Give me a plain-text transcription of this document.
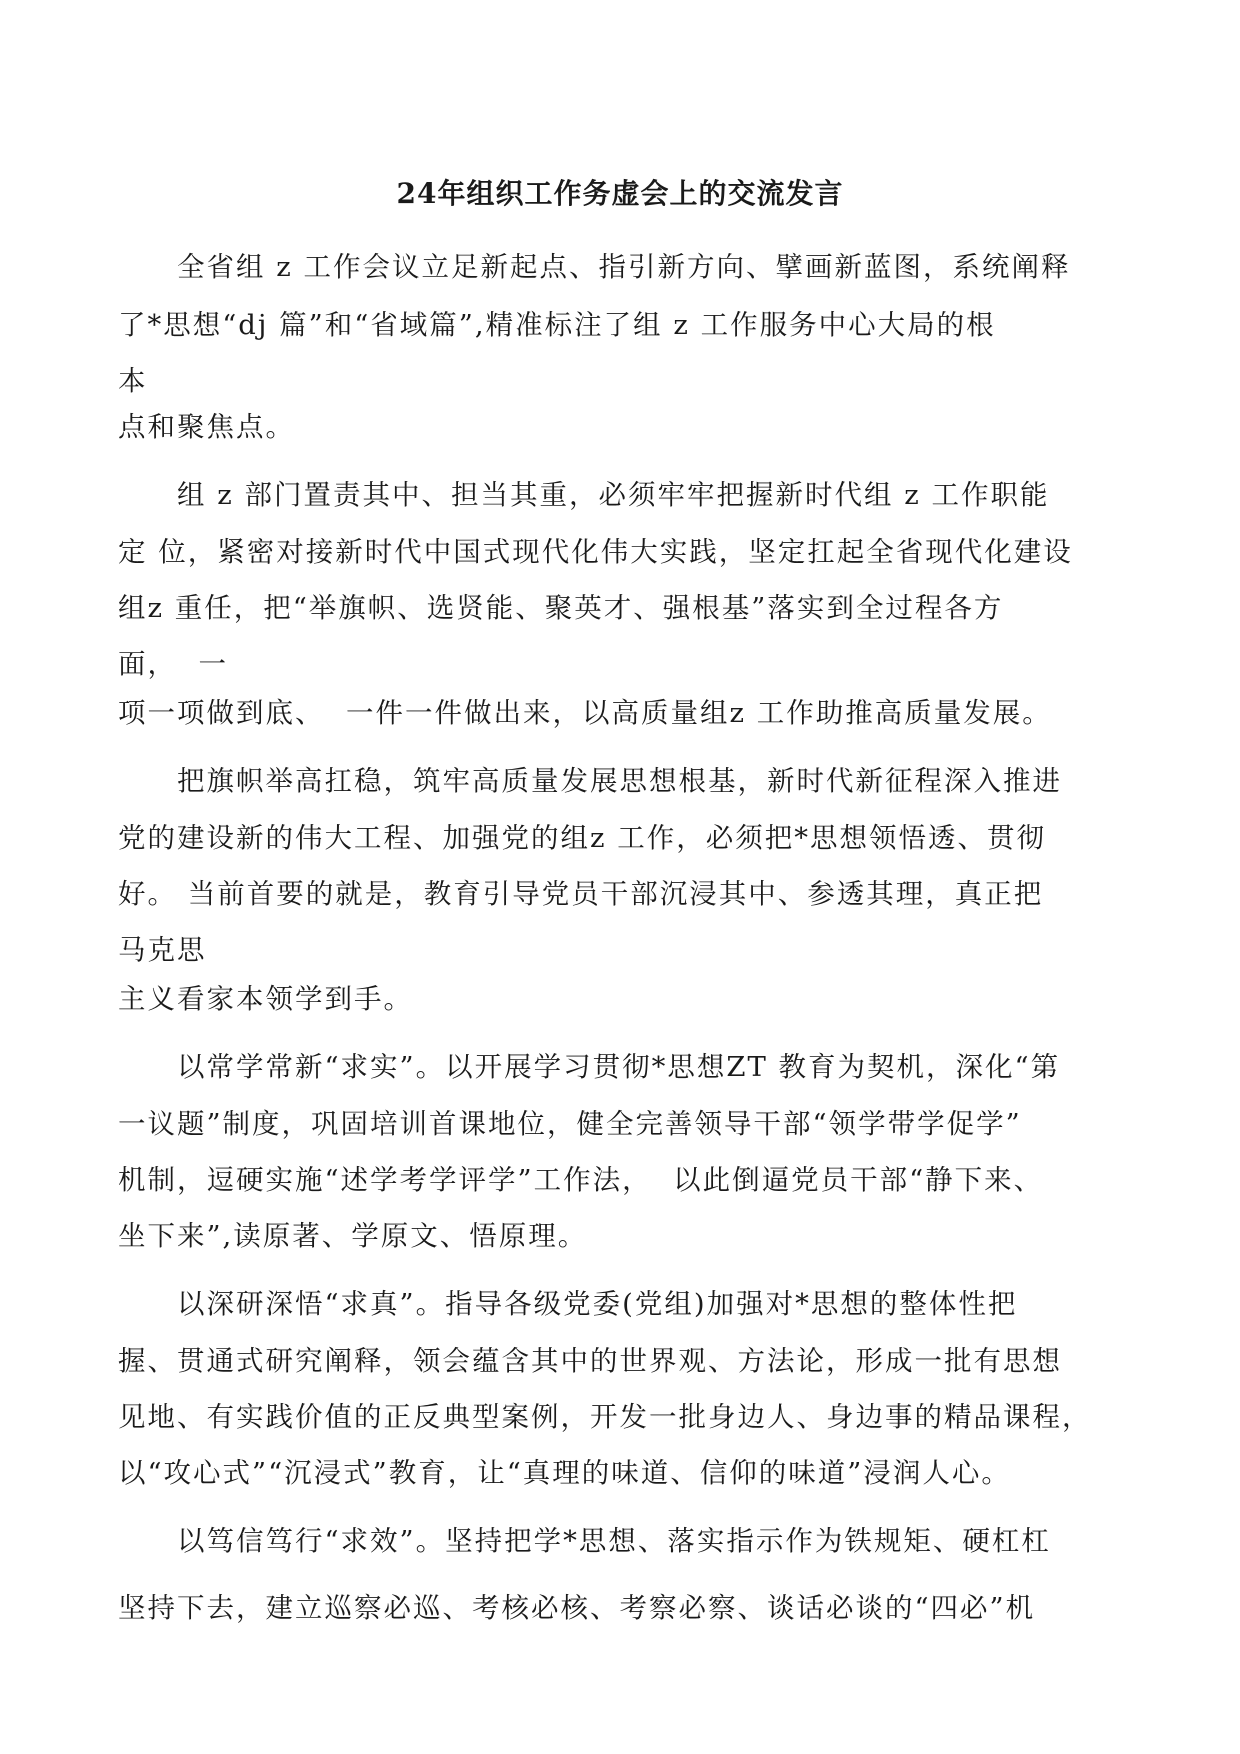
24年组织工作务虚会上的交流发言
　　全省组 z 工作会议立足新起点、指引新方向、擘画新蓝图，系统阐释
了*思想“dj 篇”和“省域篇”,精准标注了组 z 工作服务中心大局的根
本
点和聚焦点。
　　组 z 部门置责其中、担当其重，必须牢牢把握新时代组 z 工作职能
定 位，紧密对接新时代中国式现代化伟大实践，坚定扛起全省现代化建设
组z 重任，把“举旗帜、选贤能、聚英才、强根基”落实到全过程各方
面，  一
项一项做到底、  一件一件做出来，以高质量组z 工作助推高质量发展。
　　把旗帜举高扛稳，筑牢高质量发展思想根基，新时代新征程深入推进
党的建设新的伟大工程、加强党的组z 工作，必须把*思想领悟透、贯彻
好。 当前首要的就是，教育引导党员干部沉浸其中、参透其理，真正把
马克思
主义看家本领学到手。
　　以常学常新“求实”。以开展学习贯彻*思想ZT 教育为契机，深化“第
一议题”制度，巩固培训首课地位，健全完善领导干部“领学带学促学”
机制，逗硬实施“述学考学评学”工作法，  以此倒逼党员干部“静下来、
坐下来”,读原著、学原文、悟原理。
　　以深研深悟“求真”。指导各级党委(党组)加强对*思想的整体性把
握、贯通式研究阐释，领会蕴含其中的世界观、方法论，形成一批有思想
见地、有实践价值的正反典型案例，开发一批身边人、身边事的精品课程，
以“攻心式”“沉浸式”教育，让“真理的味道、信仰的味道”浸润人心。
　　以笃信笃行“求效”。坚持把学*思想、落实指示作为铁规矩、硬杠杠
坚持下去，建立巡察必巡、考核必核、考察必察、谈话必谈的“四必”机
